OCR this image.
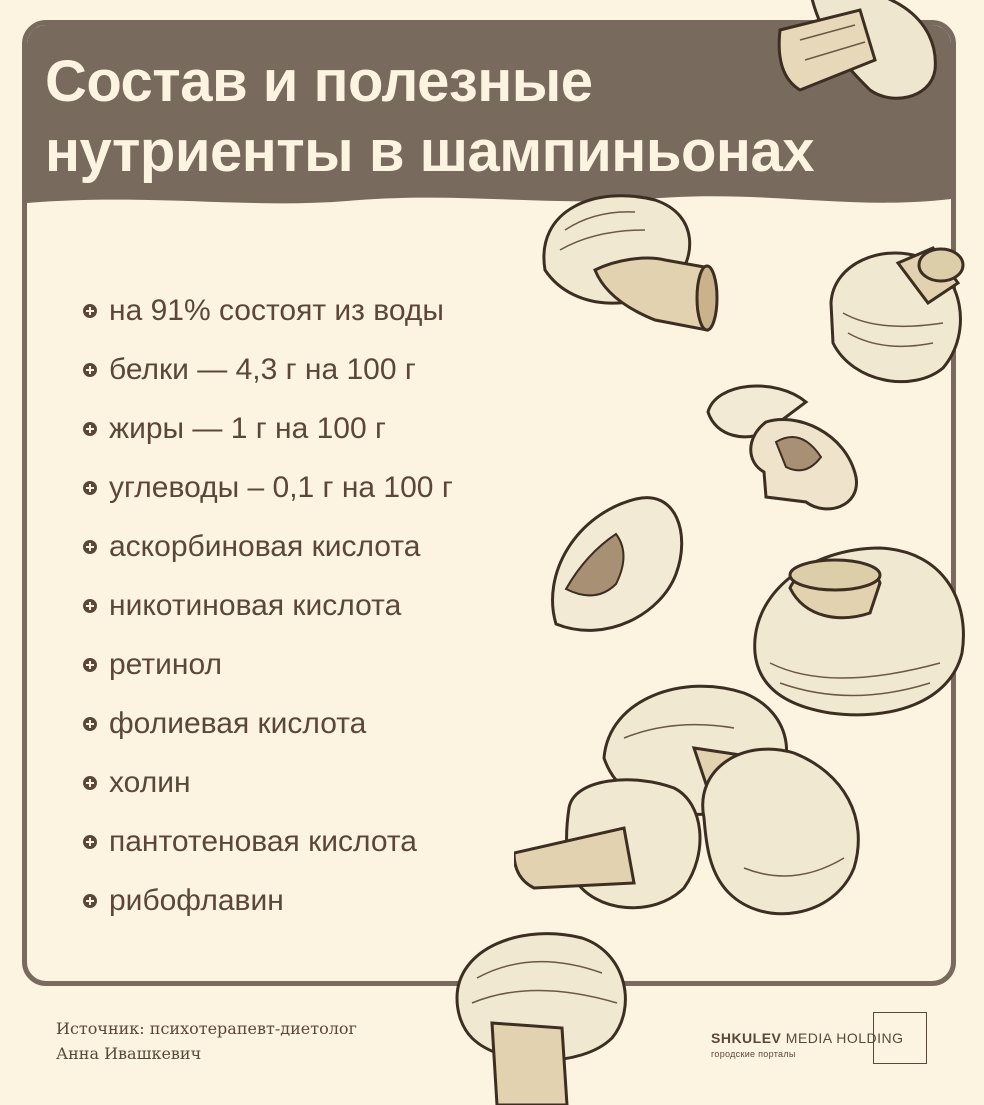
Состав и полезные
нутриенты в шампиньонах
на 91% состоят из воды
белки — 4,3 г на 100 г
жиры — 1 г на 100 г
углеводы – 0,1 г на 100 г
аскорбиновая кислота
никотиновая кислота
ретинол
фолиевая кислота
холин
пантотеновая кислота
рибофлавин

Источник: психотерапевт-диетолог
Анна Ивашкевич

SHKULEV MEDIA HOLDING
городские порталы
